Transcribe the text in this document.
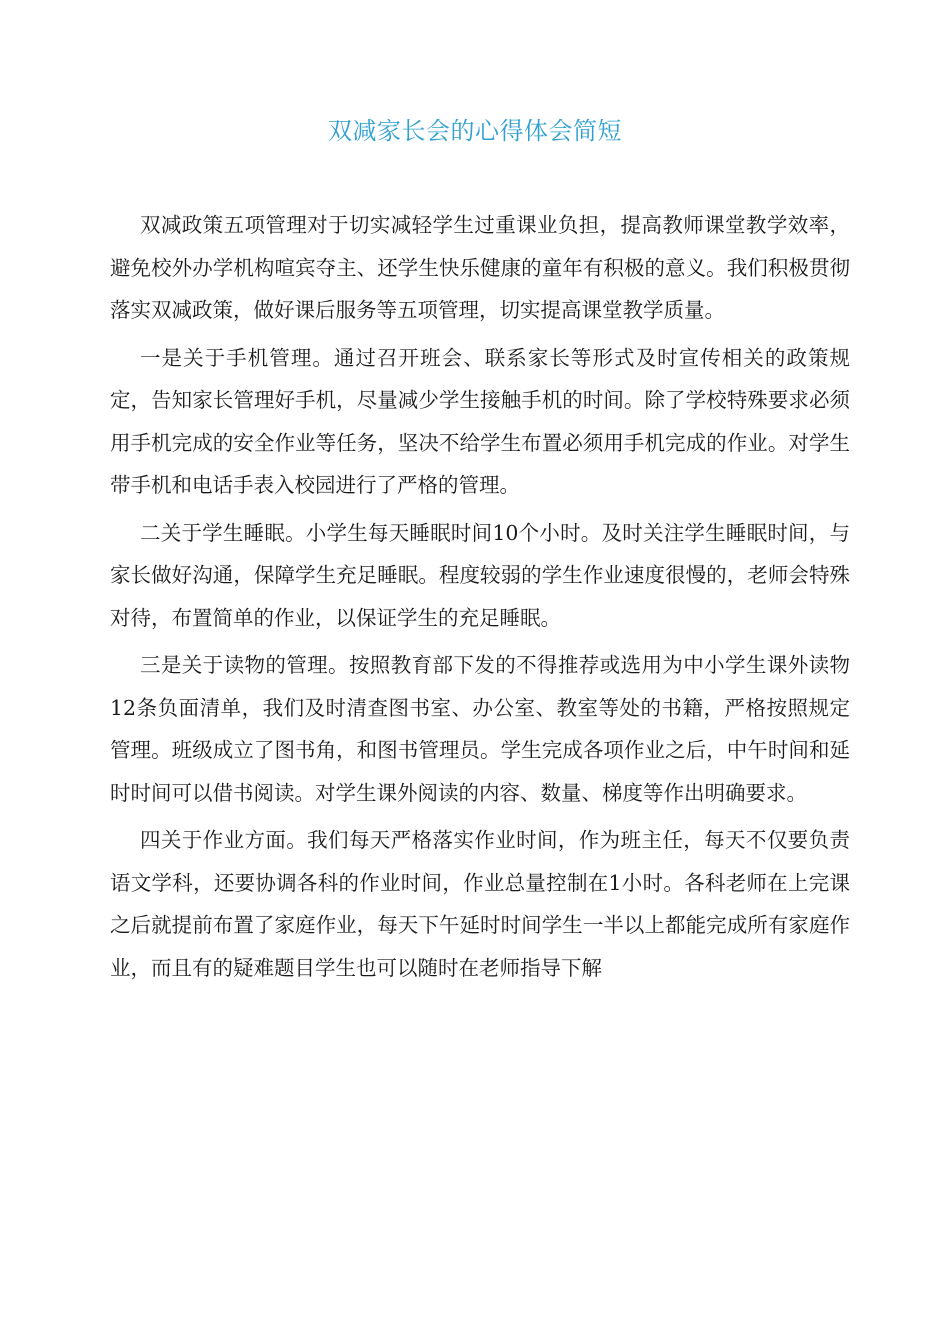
双减家长会的心得体会简短

双减政策五项管理对于切实减轻学生过重课业负担，提高教师课堂教学效率，避免校外办学机构喧宾夺主、还学生快乐健康的童年有积极的意义。我们积极贯彻落实双减政策，做好课后服务等五项管理，切实提高课堂教学质量。

一是关于手机管理。通过召开班会、联系家长等形式及时宣传相关的政策规定，告知家长管理好手机，尽量减少学生接触手机的时间。除了学校特殊要求必须用手机完成的安全作业等任务，坚决不给学生布置必须用手机完成的作业。对学生带手机和电话手表入校园进行了严格的管理。

二关于学生睡眠。小学生每天睡眠时间10个小时。及时关注学生睡眠时间，与家长做好沟通，保障学生充足睡眠。程度较弱的学生作业速度很慢的，老师会特殊对待，布置简单的作业，以保证学生的充足睡眠。

三是关于读物的管理。按照教育部下发的不得推荐或选用为中小学生课外读物12条负面清单，我们及时清查图书室、办公室、教室等处的书籍，严格按照规定管理。班级成立了图书角，和图书管理员。学生完成各项作业之后，中午时间和延时时间可以借书阅读。对学生课外阅读的内容、数量、梯度等作出明确要求。

四关于作业方面。我们每天严格落实作业时间，作为班主任，每天不仅要负责语文学科，还要协调各科的作业时间，作业总量控制在1小时。各科老师在上完课之后就提前布置了家庭作业，每天下午延时时间学生一半以上都能完成所有家庭作业，而且有的疑难题目学生也可以随时在老师指导下解
